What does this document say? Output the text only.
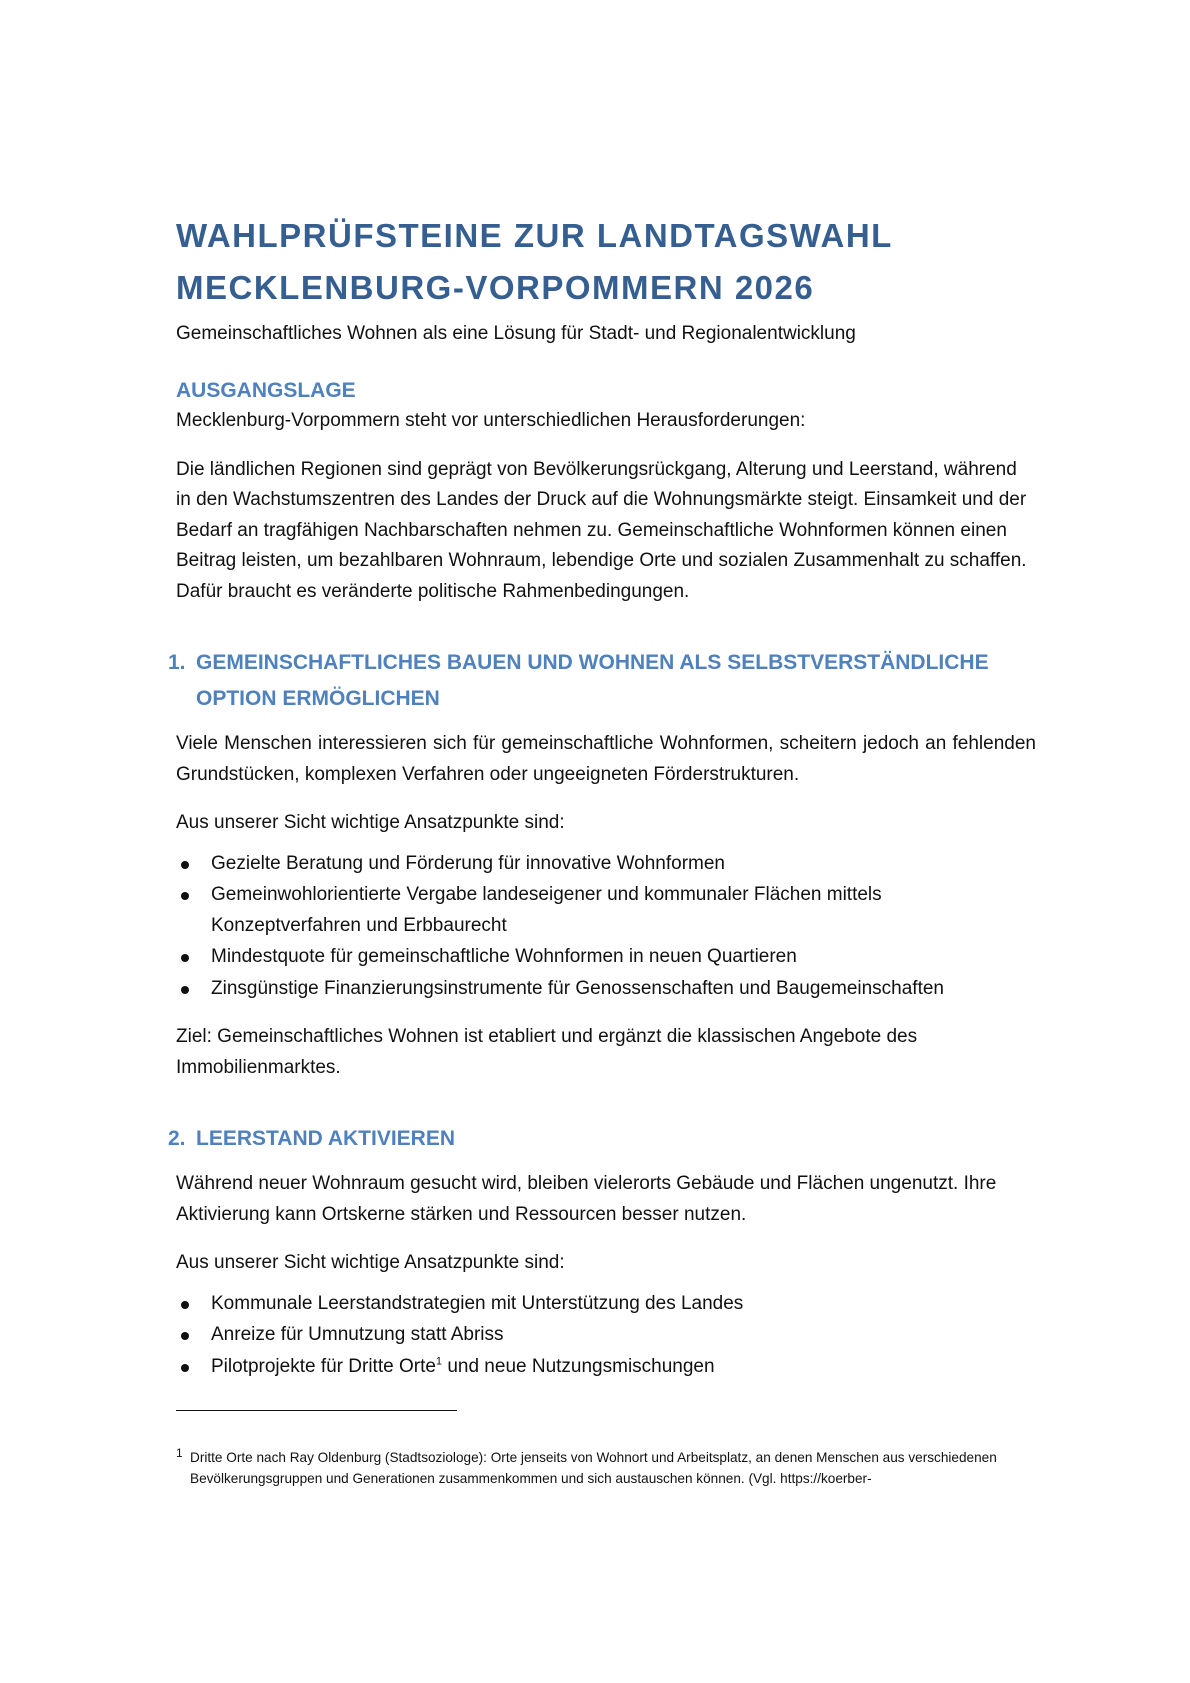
WAHLPRÜFSTEINE ZUR LANDTAGSWAHL
MECKLENBURG-VORPOMMERN 2026

Gemeinschaftliches Wohnen als eine Lösung für Stadt- und Regionalentwicklung

AUSGANGSLAGE

Mecklenburg-Vorpommern steht vor unterschiedlichen Herausforderungen:

Die ländlichen Regionen sind geprägt von Bevölkerungsrückgang, Alterung und Leerstand, während in den Wachstumszentren des Landes der Druck auf die Wohnungsmärkte steigt. Einsamkeit und der Bedarf an tragfähigen Nachbarschaften nehmen zu. Gemeinschaftliche Wohnformen können einen Beitrag leisten, um bezahlbaren Wohnraum, lebendige Orte und sozialen Zusammenhalt zu schaffen. Dafür braucht es veränderte politische Rahmenbedingungen.

1. GEMEINSCHAFTLICHES BAUEN UND WOHNEN ALS SELBSTVERSTÄNDLICHE
OPTION ERMÖGLICHEN

Viele Menschen interessieren sich für gemeinschaftliche Wohnformen, scheitern jedoch an fehlenden Grundstücken, komplexen Verfahren oder ungeeigneten Förderstrukturen.

Aus unserer Sicht wichtige Ansatzpunkte sind:

Gezielte Beratung und Förderung für innovative Wohnformen
Gemeinwohlorientierte Vergabe landeseigener und kommunaler Flächen mittels Konzeptverfahren und Erbbaurecht
Mindestquote für gemeinschaftliche Wohnformen in neuen Quartieren
Zinsgünstige Finanzierungsinstrumente für Genossenschaften und Baugemeinschaften

Ziel: Gemeinschaftliches Wohnen ist etabliert und ergänzt die klassischen Angebote des Immobilienmarktes.

2. LEERSTAND AKTIVIEREN

Während neuer Wohnraum gesucht wird, bleiben vielerorts Gebäude und Flächen ungenutzt. Ihre Aktivierung kann Ortskerne stärken und Ressourcen besser nutzen.

Aus unserer Sicht wichtige Ansatzpunkte sind:

Kommunale Leerstandstrategien mit Unterstützung des Landes
Anreize für Umnutzung statt Abriss
Pilotprojekte für Dritte Orte$^1$ und neue Nutzungsmischungen
1 Dritte Orte nach Ray Oldenburg (Stadtsoziologe): Orte jenseits von Wohnort und Arbeitsplatz, an denen Menschen aus verschiedenen Bevölkerungsgruppen und Generationen zusammenkommen und sich austauschen können. (Vgl. https://koerber-
